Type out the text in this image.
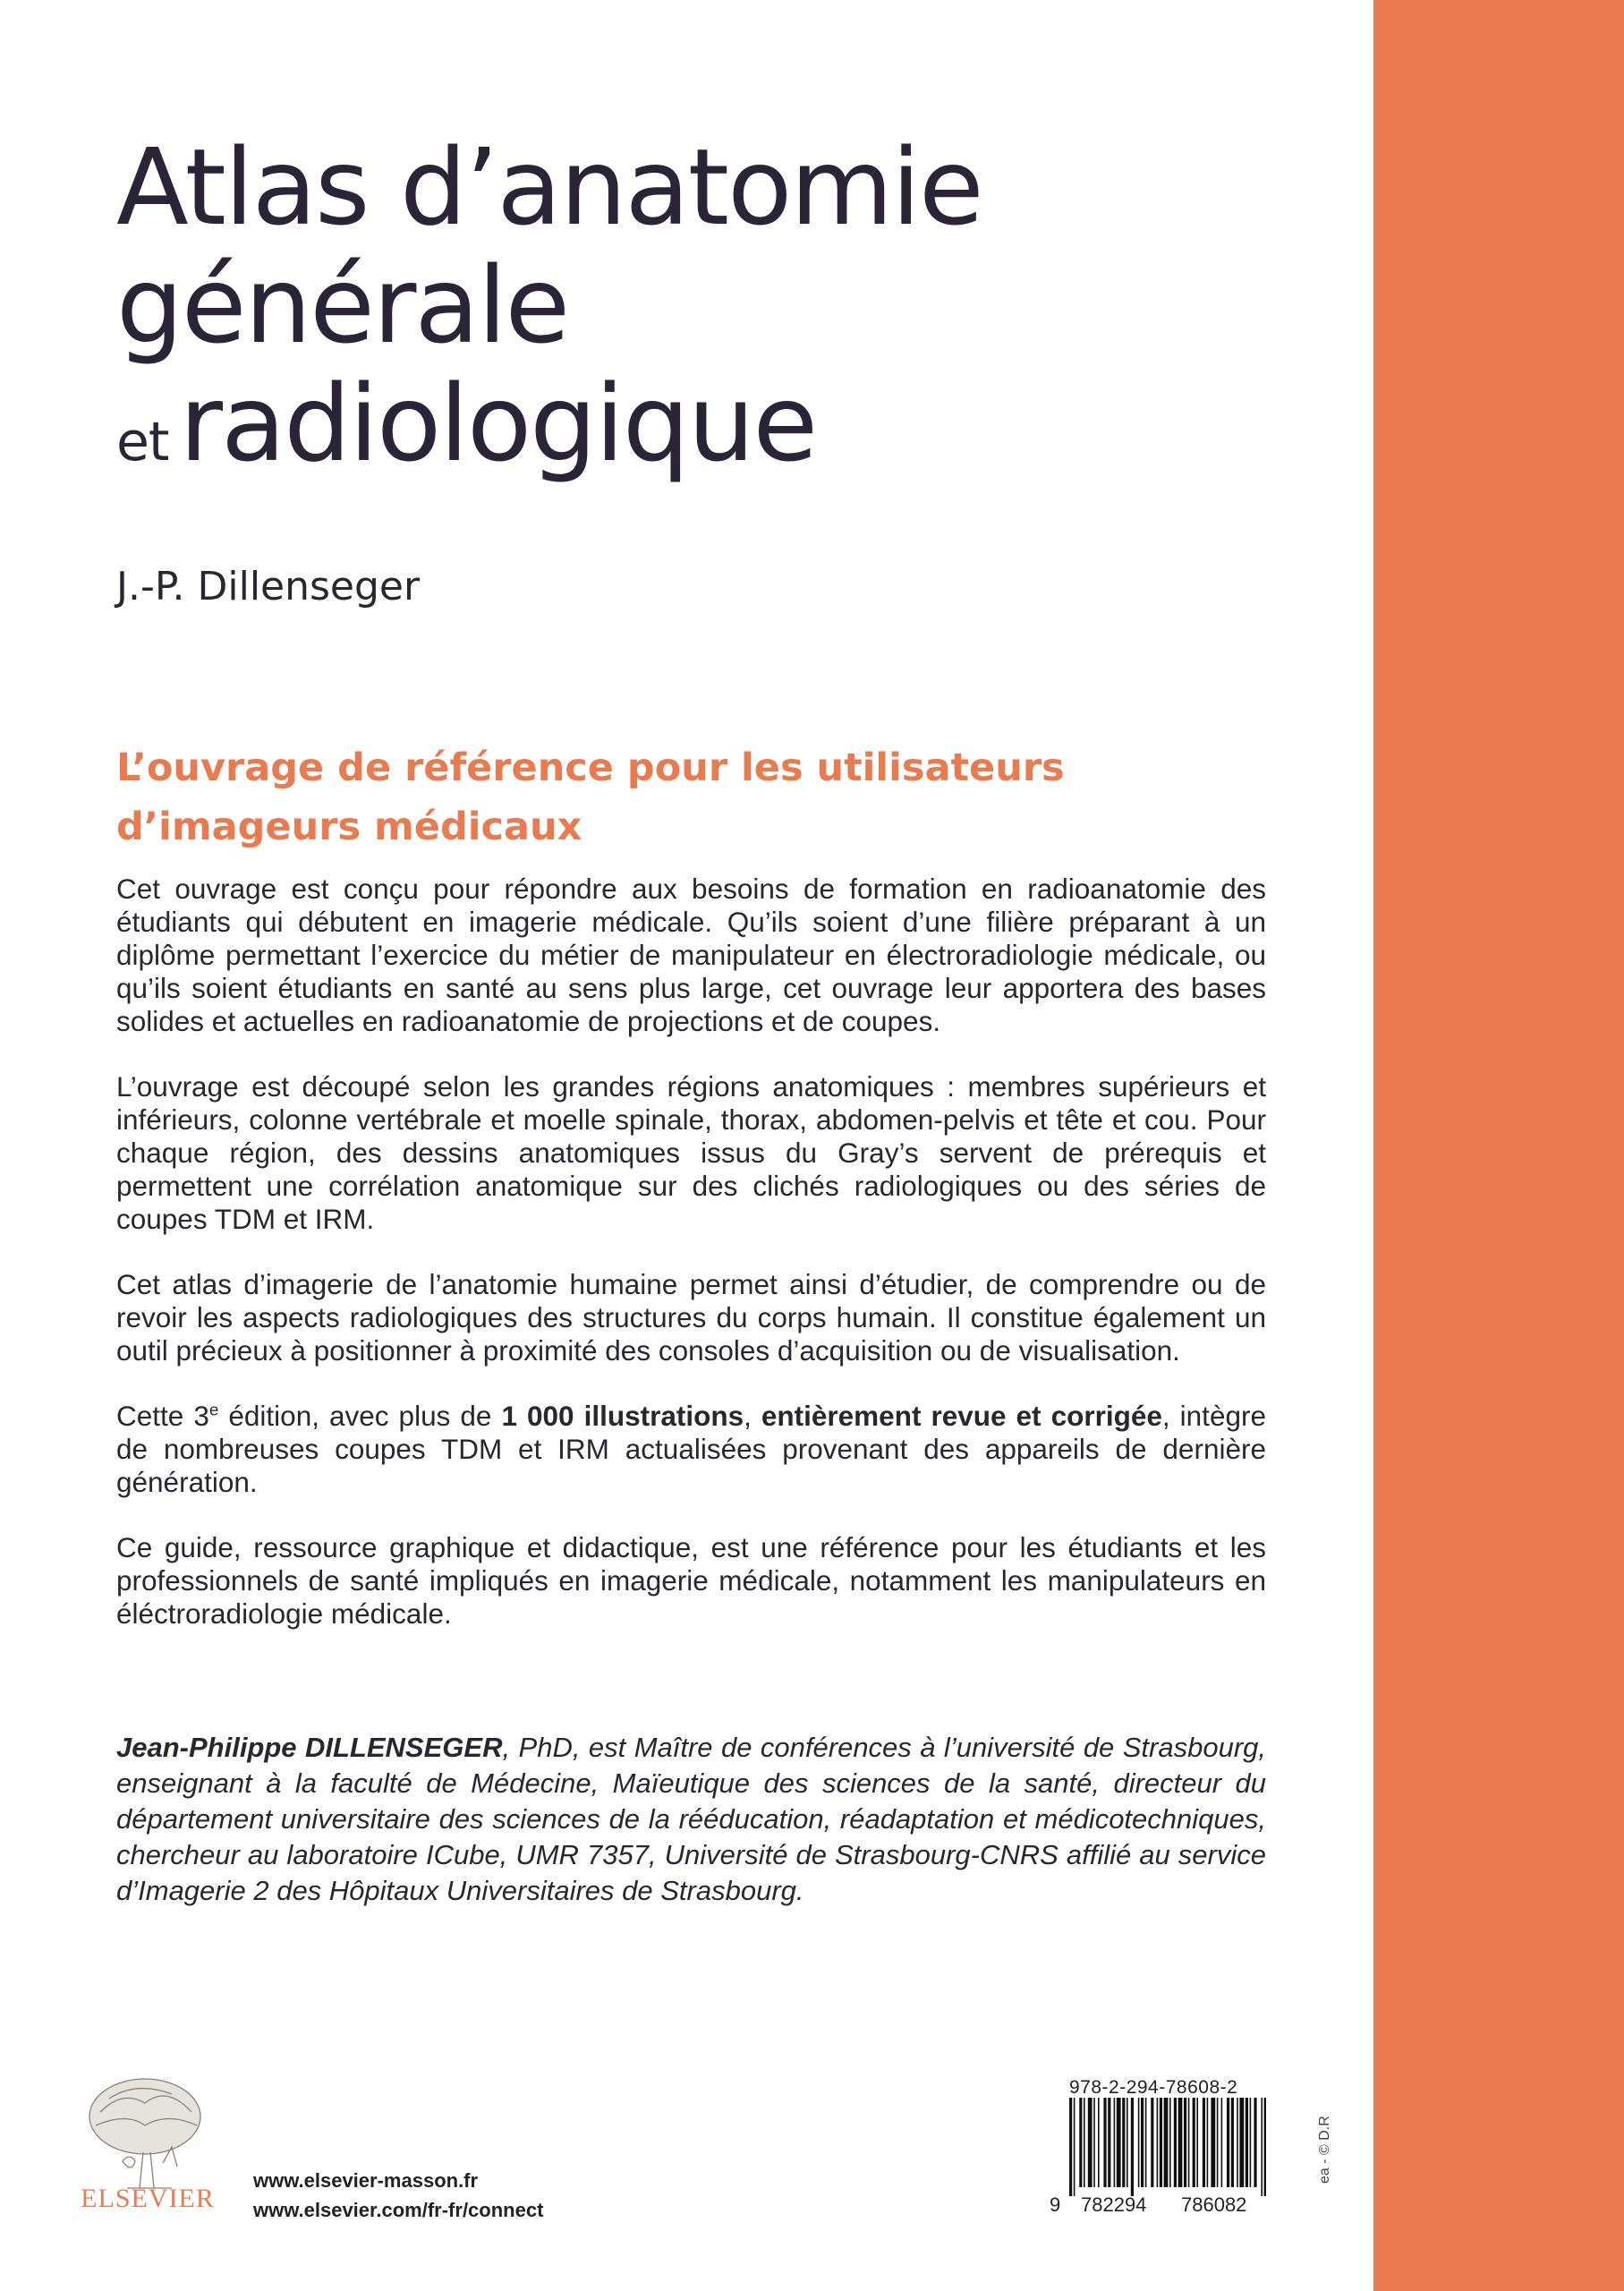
Atlas d’anatomie
générale
et radiologique
J.-P. Dillenseger
L’ouvrage de référence pour les utilisateurs
d’imageurs médicaux

Cet ouvrage est conçu pour répondre aux besoins de formation en radioanatomie des étudiants qui débutent en imagerie médicale. Qu’ils soient d’une filière préparant à un diplôme permettant l’exercice du métier de manipulateur en électroradiologie médicale, ou qu’ils soient étudiants en santé au sens plus large, cet ouvrage leur apportera des bases solides et actuelles en radioanatomie de projections et de coupes.

L’ouvrage est découpé selon les grandes régions anatomiques : membres supérieurs et inférieurs, colonne vertébrale et moelle spinale, thorax, abdomen-pelvis et tête et cou. Pour chaque région, des dessins anatomiques issus du Gray’s servent de prérequis et permettent une corrélation anatomique sur des clichés radiologiques ou des séries de coupes TDM et IRM.

Cet atlas d’imagerie de l’anatomie humaine permet ainsi d’étudier, de comprendre ou de revoir les aspects radiologiques des structures du corps humain. Il constitue également un outil précieux à positionner à proximité des consoles d’acquisition ou de visualisation.

Cette 3e édition, avec plus de 1 000 illustrations, entièrement revue et corrigée, intègre de nombreuses coupes TDM et IRM actualisées provenant des appareils de dernière génération.

Ce guide, ressource graphique et didactique, est une référence pour les étudiants et les professionnels de santé impliqués en imagerie médicale, notamment les manipulateurs en éléctroradiologie médicale.

Jean-Philippe DILLENSEGER, PhD, est Maître de conférences à l’université de Strasbourg, enseignant à la faculté de Médecine, Maïeutique des sciences de la santé, directeur du département universitaire des sciences de la rééducation, réadaptation et médicotechniques, chercheur au laboratoire ICube, UMR 7357, Université de Strasbourg-CNRS affilié au service d’Imagerie 2 des Hôpitaux Universitaires de Strasbourg.
ELSEVIER
www.elsevier-masson.fr
www.elsevier.com/fr-fr/connect
978-2-294-78608-2
9 782294 786082
ea - © D.R
